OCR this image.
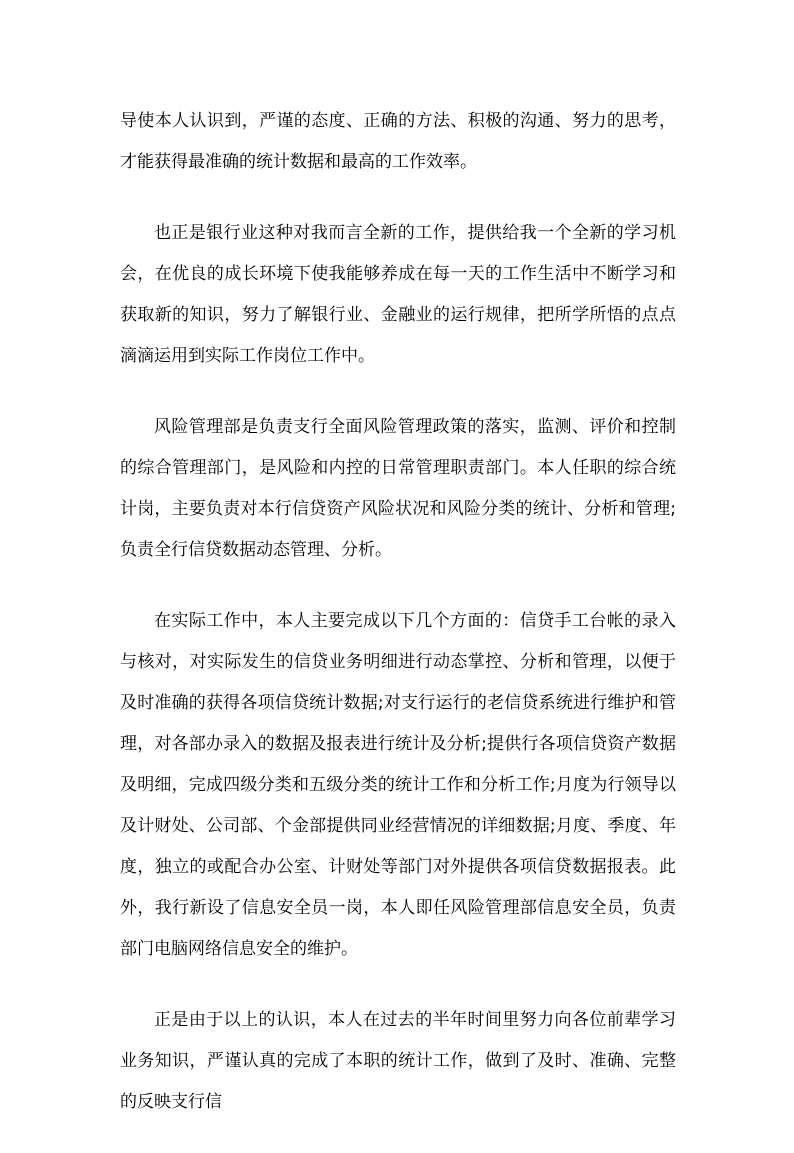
导使本人认识到，严谨的态度、正确的方法、积极的沟通、努力的思考，才能获得最准确的统计数据和最高的工作效率。

也正是银行业这种对我而言全新的工作，提供给我一个全新的学习机会，在优良的成长环境下使我能够养成在每一天的工作生活中不断学习和获取新的知识，努力了解银行业、金融业的运行规律，把所学所悟的点点滴滴运用到实际工作岗位工作中。

风险管理部是负责支行全面风险管理政策的落实，监测、评价和控制的综合管理部门，是风险和内控的日常管理职责部门。本人任职的综合统计岗，主要负责对本行信贷资产风险状况和风险分类的统计、分析和管理;负责全行信贷数据动态管理、分析。

在实际工作中，本人主要完成以下几个方面的：信贷手工台帐的录入与核对，对实际发生的信贷业务明细进行动态掌控、分析和管理，以便于及时准确的获得各项信贷统计数据;对支行运行的老信贷系统进行维护和管理，对各部办录入的数据及报表进行统计及分析;提供行各项信贷资产数据及明细，完成四级分类和五级分类的统计工作和分析工作;月度为行领导以及计财处、公司部、个金部提供同业经营情况的详细数据;月度、季度、年度，独立的或配合办公室、计财处等部门对外提供各项信贷数据报表。此外，我行新设了信息安全员一岗，本人即任风险管理部信息安全员，负责部门电脑网络信息安全的维护。

正是由于以上的认识，本人在过去的半年时间里努力向各位前辈学习业务知识，严谨认真的完成了本职的统计工作，做到了及时、准确、完整的反映支行信
